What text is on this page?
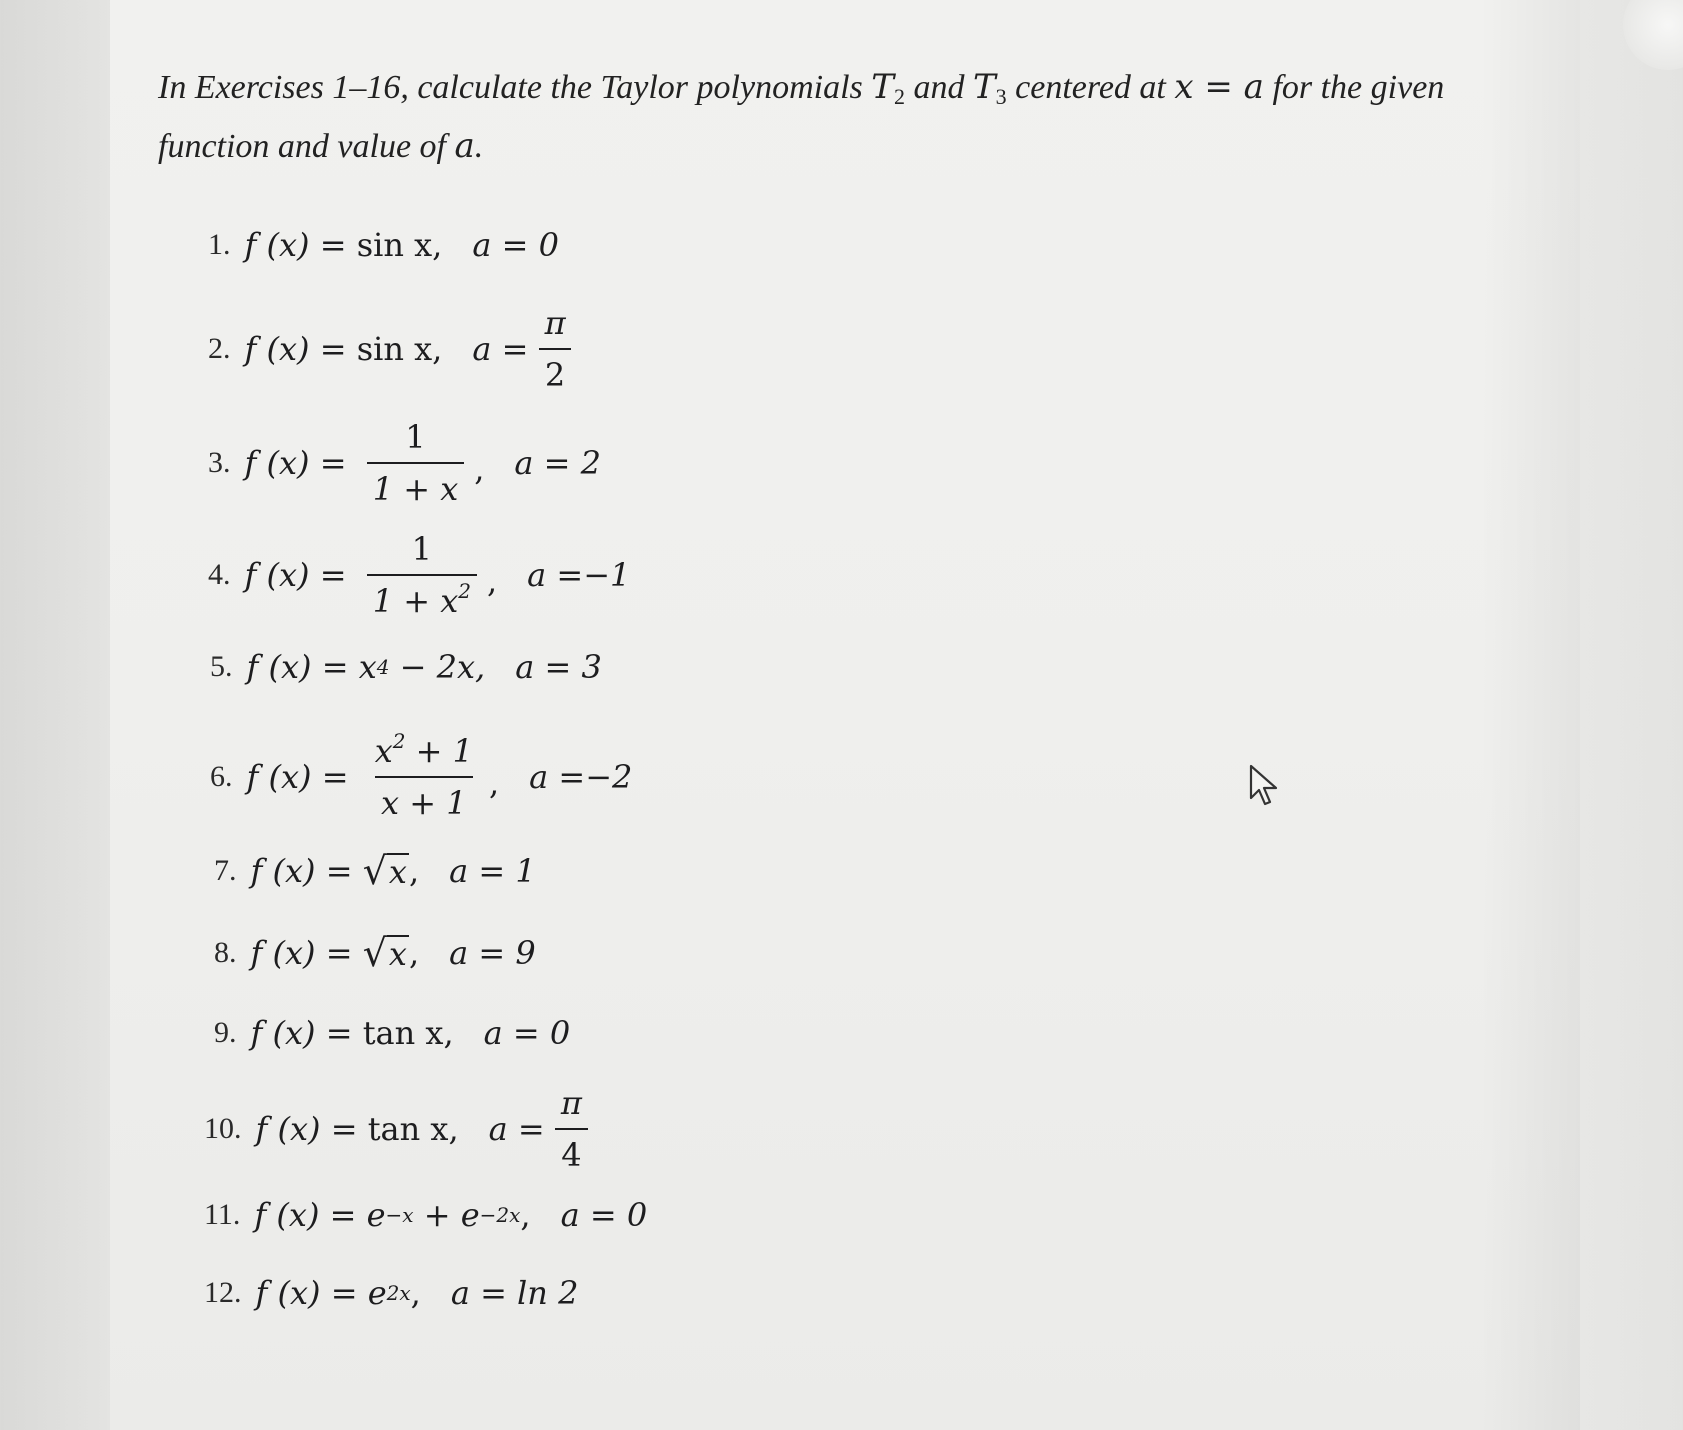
In Exercises 1–16, calculate the Taylor polynomials $T_2$ and $T_3$ centered at x = a for the given function and value of a.
1. f (x) = sin x, a = 0
2. f (x) = sin x, $a = \frac{\pi}{2}$
3. f $(x) = \frac{1}{1 + x}$ , a = 2
4. f $(x) = \frac{1}{1 + x^2}$ , a =−1
5. f (x) = x 4 − 2x, a = 3
6. f $(x) = \frac{x^2 + 1}{x + 1}$ , a =−2
7. f (x) = √ x , a = 1
8. f (x) = √ x , a = 9
9. f (x) = tan x, a = 0
10. f (x) = tan x, $a = \frac{\pi}{4}$
11. f (x) = e −x + e −2x , a = 0
12. f (x) = e 2x , a = ln 2
